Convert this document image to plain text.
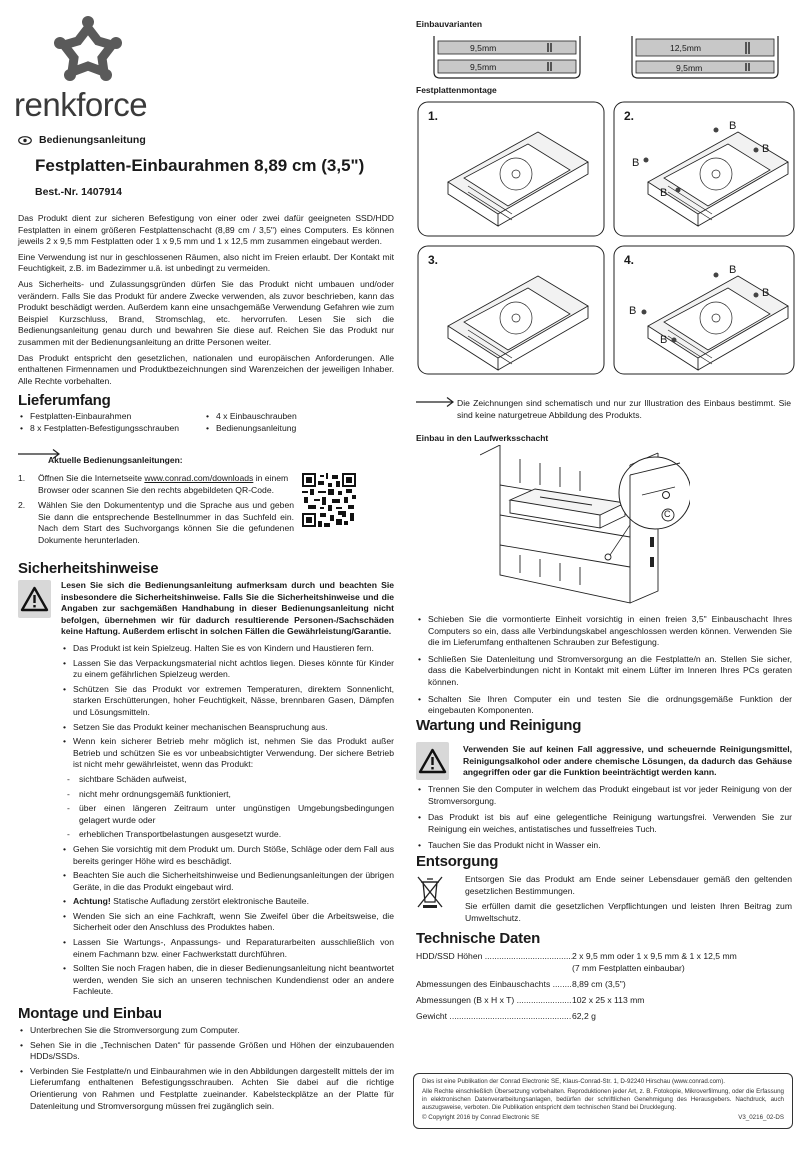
renkforce
Bedienungsanleitung
Festplatten-Einbaurahmen 8,89 cm (3,5")
Best.-Nr. 1407914

Das Produkt dient zur sicheren Befestigung von einer oder zwei dafür geeigneten SSD/HDD Festplatten in einem größeren Festplattenschacht (8,89 cm / 3,5") eines Computers. Es können jeweils 2 x 9,5 mm Festplatten oder 1 x 9,5 mm und 1 x 12,5 mm zusammen eingebaut werden.

Eine Verwendung ist nur in geschlossenen Räumen, also nicht im Freien erlaubt. Der Kontakt mit Feuchtigkeit, z.B. im Badezimmer u.ä. ist unbedingt zu vermeiden.

Aus Sicherheits- und Zulassungsgründen dürfen Sie das Produkt nicht umbauen und/oder verändern. Falls Sie das Produkt für andere Zwecke verwenden, als zuvor beschrieben, kann das Produkt beschädigt werden. Außerdem kann eine unsachgemäße Verwendung Gefahren wie zum Beispiel Kurzschluss, Brand, Stromschlag, etc. hervorrufen. Lesen Sie sich die Bedienungsanleitung genau durch und bewahren Sie diese auf. Reichen Sie das Produkt nur zusammen mit der Bedienungsanleitung an dritte Personen weiter.

Das Produkt entspricht den gesetzlichen, nationalen und europäischen Anforderungen. Alle enthaltenen Firmennamen und Produktbezeichnungen sind Warenzeichen der jeweiligen Inhaber. Alle Rechte vorbehalten.

Lieferumfang
• Festplatten-Einbaurahmen
• 8 x Festplatten-Befestigungsschrauben
• 4 x Einbauschrauben
• Bedienungsanleitung
Aktuelle Bedienungsanleitungen:
1. Öffnen Sie die Internetseite www.conrad.com/downloads in einem Browser oder scannen Sie den rechts abgebildeten QR-Code.
2. Wählen Sie den Dokumententyp und die Sprache aus und geben Sie dann die entsprechende Bestellnummer in das Suchfeld ein. Nach dem Start des Suchvorgangs können Sie die gefundenen Dokumente herunterladen.
Sicherheitshinweise
Lesen Sie sich die Bedienungsanleitung aufmerksam durch und beachten Sie insbesondere die Sicherheitshinweise. Falls Sie die Sicherheitshinweise und die Angaben zur sachgemäßen Handhabung in dieser Bedienungsanleitung nicht befolgen, übernehmen wir für dadurch resultierende Personen-/Sachschäden keine Haftung. Außerdem erlischt in solchen Fällen die Gewährleistung/Garantie.
• Das Produkt ist kein Spielzeug. Halten Sie es von Kindern und Haustieren fern.
• Lassen Sie das Verpackungsmaterial nicht achtlos liegen. Dieses könnte für Kinder zu einem gefährlichen Spielzeug werden.
• Schützen Sie das Produkt vor extremen Temperaturen, direktem Sonnenlicht, starken Erschütterungen, hoher Feuchtigkeit, Nässe, brennbaren Gasen, Dämpfen und Lösungsmitteln.
• Setzen Sie das Produkt keiner mechanischen Beanspruchung aus.
• Wenn kein sicherer Betrieb mehr möglich ist, nehmen Sie das Produkt außer Betrieb und schützen Sie es vor unbeabsichtigter Verwendung. Der sichere Betrieb ist nicht mehr gewährleistet, wenn das Produkt:
- sichtbare Schäden aufweist,
- nicht mehr ordnungsgemäß funktioniert,
- über einen längeren Zeitraum unter ungünstigen Umgebungsbedingungen gelagert wurde oder
- erheblichen Transportbelastungen ausgesetzt wurde.
• Gehen Sie vorsichtig mit dem Produkt um. Durch Stöße, Schläge oder dem Fall aus bereits geringer Höhe wird es beschädigt.
• Beachten Sie auch die Sicherheitshinweise und Bedienungsanleitungen der übrigen Geräte, in die das Produkt eingebaut wird.
• Achtung! Statische Aufladung zerstört elektronische Bauteile.
• Wenden Sie sich an eine Fachkraft, wenn Sie Zweifel über die Arbeitsweise, die Sicherheit oder den Anschluss des Produktes haben.
• Lassen Sie Wartungs-, Anpassungs- und Reparaturarbeiten ausschließlich von einem Fachmann bzw. einer Fachwerkstatt durchführen.
• Sollten Sie noch Fragen haben, die in dieser Bedienungsanleitung nicht beantwortet werden, wenden Sie sich an unseren technischen Kundendienst oder an andere Fachleute.
Montage und Einbau
• Unterbrechen Sie die Stromversorgung zum Computer.
• Sehen Sie in die „Technischen Daten“ für passende Größen und Höhen der einzubauenden HDDs/SSDs.
• Verbinden Sie Festplatte/n und Einbaurahmen wie in den Abbildungen dargestellt mittels der im Lieferumfang enthaltenen Befestigungsschrauben. Achten Sie dabei auf die richtige Orientierung von Rahmen und Festplatte zueinander. Kabelsteckplätze an der Platte für Datenleitung und Stromversorgung müssen frei zugänglich sein.
Einbauvarianten
9,5mm
9,5mm
12,5mm
9,5mm
Festplattenmontage
1.	2.
3.	4.
B
B
B
B
B
B
B
B
Die Zeichnungen sind schematisch und nur zur Illustration des Einbaus bestimmt. Sie sind keine naturgetreue Abbildung des Produkts.
Einbau in den Laufwerksschacht
C
• Schieben Sie die vormontierte Einheit vorsichtig in einen freien 3,5" Einbauschacht Ihres Computers so ein, dass alle Verbindungskabel angeschlossen werden können. Verwenden Sie die im Lieferumfang enthaltenen Schrauben zur Befestigung.
• Schließen Sie Datenleitung und Stromversorgung an die Festplatte/n an. Stellen Sie sicher, dass die Kabelverbindungen nicht in Kontakt mit einem Lüfter im Inneren Ihres PCs geraten können.
• Schalten Sie Ihren Computer ein und testen Sie die ordnungsgemäße Funktion der eingebauten Komponenten.
Wartung und Reinigung
Verwenden Sie auf keinen Fall aggressive, und scheuernde Reinigungsmittel, Reinigungsalkohol oder andere chemische Lösungen, da dadurch das Gehäuse angegriffen oder gar die Funktion beeinträchtigt werden kann.
• Trennen Sie den Computer in welchem das Produkt eingebaut ist vor jeder Reinigung von der Stromversorgung.
• Das Produkt ist bis auf eine gelegentliche Reinigung wartungsfrei. Verwenden Sie zur Reinigung ein weiches, antistatisches und fusselfreies Tuch.
• Tauchen Sie das Produkt nicht in Wasser ein.
Entsorgung

Entsorgen Sie das Produkt am Ende seiner Lebensdauer gemäß den geltenden gesetzlichen Bestimmungen.

Sie erfüllen damit die gesetzlichen Verpflichtungen und leisten Ihren Beitrag zum Umweltschutz.

Technische Daten
HDD/SSD Höhen .....	2 x 9,5 mm oder 1 x 9,5 mm & 1 x 12,5 mm
(7 mm Festplatten einbaubar)
Abmessungen des Einbauschachts .....	8,89 cm (3,5")
Abmessungen (B x H x T) .....	102 x 25 x 113 mm
Gewicht .....	62,2 g
Dies ist eine Publikation der Conrad Electronic SE, Klaus-Conrad-Str. 1, D-92240 Hirschau (www.conrad.com).
Alle Rechte einschließlich Übersetzung vorbehalten. Reproduktionen jeder Art, z. B. Fotokopie, Mikroverfilmung, oder die Erfassung in elektronischen Datenverarbeitungsanlagen, bedürfen der schriftlichen Genehmigung des Herausgebers. Nachdruck, auch auszugsweise, verboten. Die Publikation entspricht dem technischen Stand bei Drucklegung.
© Copyright 2016 by Conrad Electronic SE	V3_0216_02-DS
